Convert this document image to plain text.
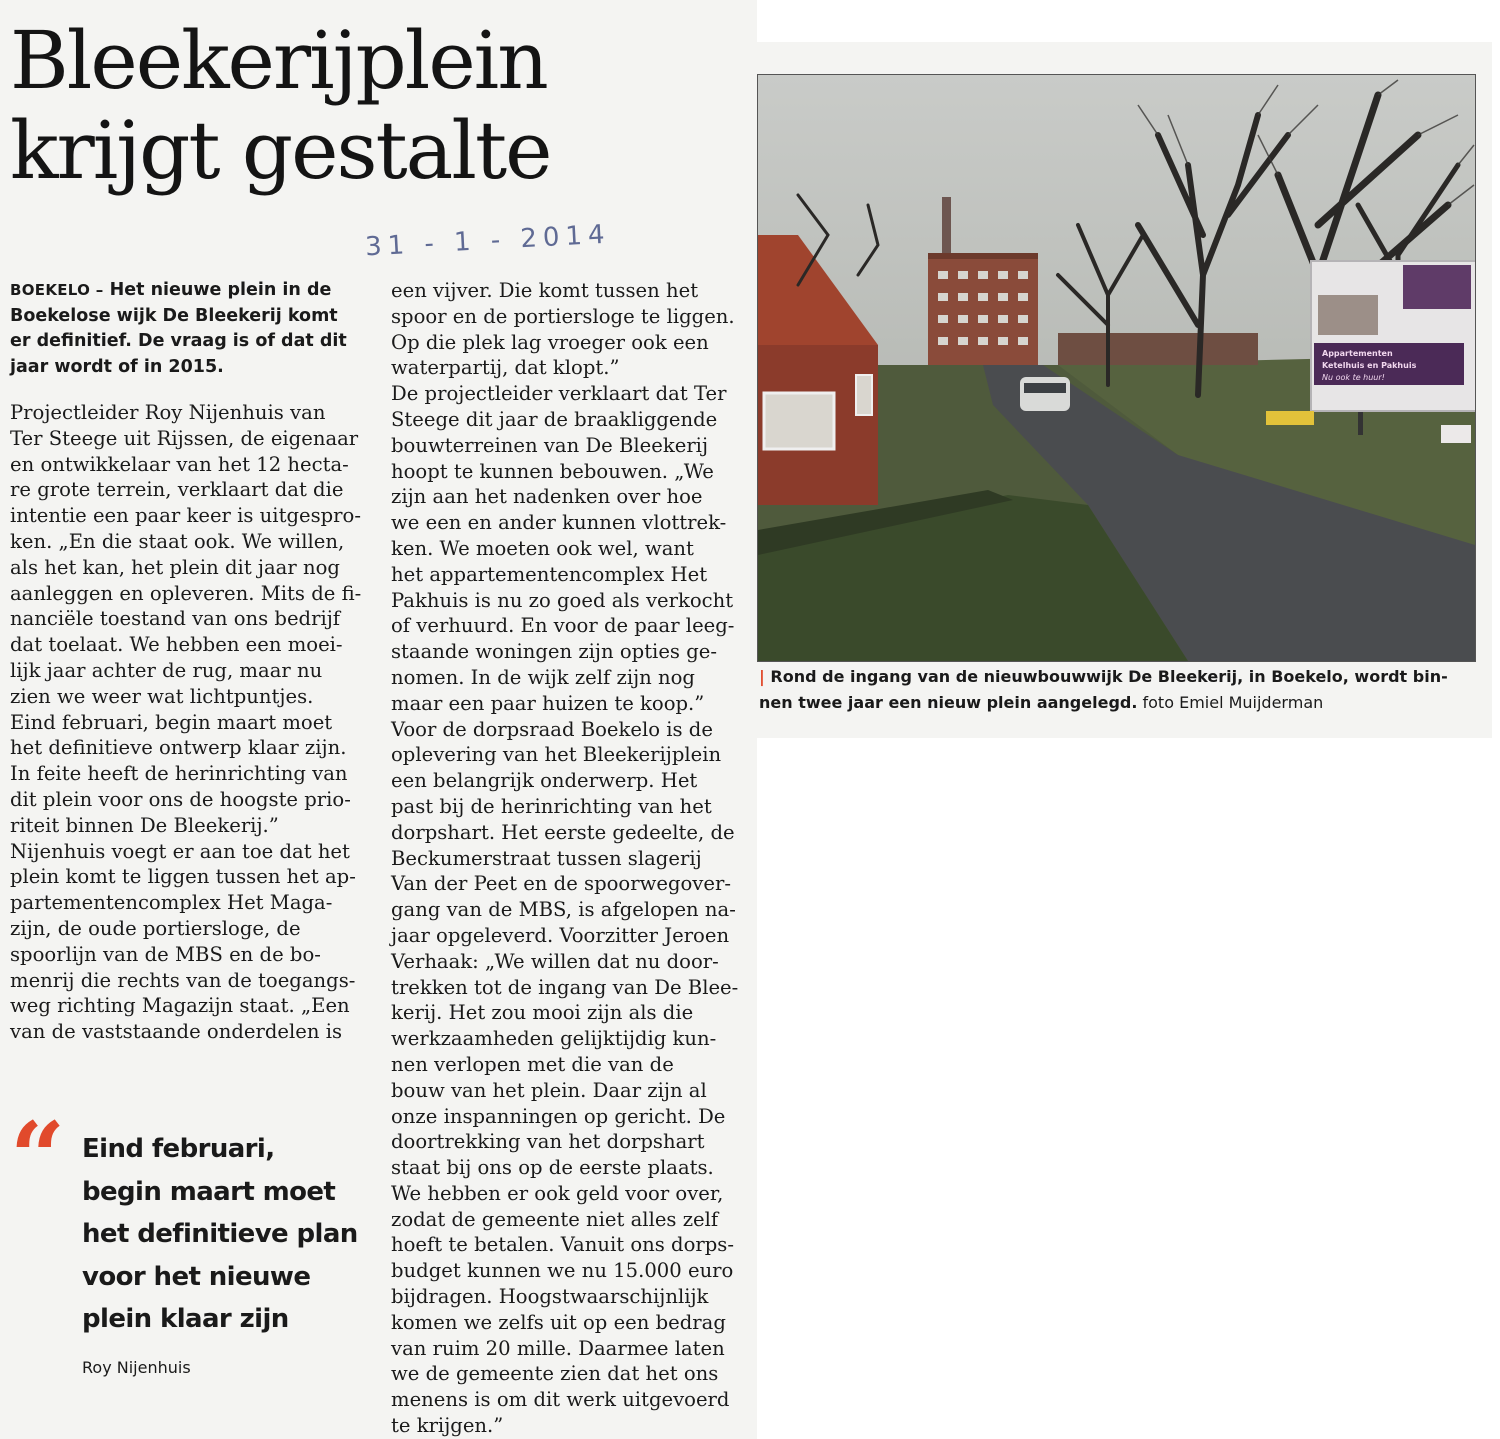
Bleekerijplein
krijgt gestalte
31 - 1 - 2014

BOEKELO – Het nieuwe plein in de
Boekelose wijk De Bleekerij komt
er definitief. De vraag is of dat dit
jaar wordt of in 2015.

Projectleider Roy Nijenhuis van
Ter Steege uit Rijssen, de eigenaar
en ontwikkelaar van het 12 hecta-
re grote terrein, verklaart dat die
intentie een paar keer is uitgespro-
ken. „En die staat ook. We willen,
als het kan, het plein dit jaar nog
aanleggen en opleveren. Mits de fi-
nanciële toestand van ons bedrijf
dat toelaat. We hebben een moei-
lijk jaar achter de rug, maar nu
zien we weer wat lichtpuntjes.
Eind februari, begin maart moet
het definitieve ontwerp klaar zijn.
In feite heeft de herinrichting van
dit plein voor ons de hoogste prio-
riteit binnen De Bleekerij.”
Nijenhuis voegt er aan toe dat het
plein komt te liggen tussen het ap-
partementencomplex Het Maga-
zijn, de oude portiersloge, de
spoorlijn van de MBS en de bo-
menrij die rechts van de toegangs-
weg richting Magazijn staat. „Een
van de vaststaande onderdelen is

een vijver. Die komt tussen het
spoor en de portiersloge te liggen.
Op die plek lag vroeger ook een
waterpartij, dat klopt.”
De projectleider verklaart dat Ter
Steege dit jaar de braakliggende
bouwterreinen van De Bleekerij
hoopt te kunnen bebouwen. „We
zijn aan het nadenken over hoe
we een en ander kunnen vlottrek-
ken. We moeten ook wel, want
het appartementencomplex Het
Pakhuis is nu zo goed als verkocht
of verhuurd. En voor de paar leeg-
staande woningen zijn opties ge-
nomen. In de wijk zelf zijn nog
maar een paar huizen te koop.”
Voor de dorpsraad Boekelo is de
oplevering van het Bleekerijplein
een belangrijk onderwerp. Het
past bij de herinrichting van het
dorpshart. Het eerste gedeelte, de
Beckumerstraat tussen slagerij
Van der Peet en de spoorwegover-
gang van de MBS, is afgelopen na-
jaar opgeleverd. Voorzitter Jeroen
Verhaak: „We willen dat nu door-
trekken tot de ingang van De Blee-
kerij. Het zou mooi zijn als die
werkzaamheden gelijktijdig kun-
nen verlopen met die van de
bouw van het plein. Daar zijn al
onze inspanningen op gericht. De
doortrekking van het dorpshart
staat bij ons op de eerste plaats.
We hebben er ook geld voor over,
zodat de gemeente niet alles zelf
hoeft te betalen. Vanuit ons dorps-
budget kunnen we nu 15.000 euro
bijdragen. Hoogstwaarschijnlijk
komen we zelfs uit op een bedrag
van ruim 20 mille. Daarmee laten
we de gemeente zien dat het ons
menens is om dit werk uitgevoerd
te krijgen.”

“ Eind februari,
begin maart moet
het definitieve plan
voor het nieuwe
plein klaar zijn

Roy Nijenhuis
Appartementen
Ketelhuis en Pakhuis
Nu ook te huur!
| Rond de ingang van de nieuwbouwwijk De Bleekerij, in Boekelo, wordt bin-
nen twee jaar een nieuw plein aangelegd. foto Emiel Muijderman
